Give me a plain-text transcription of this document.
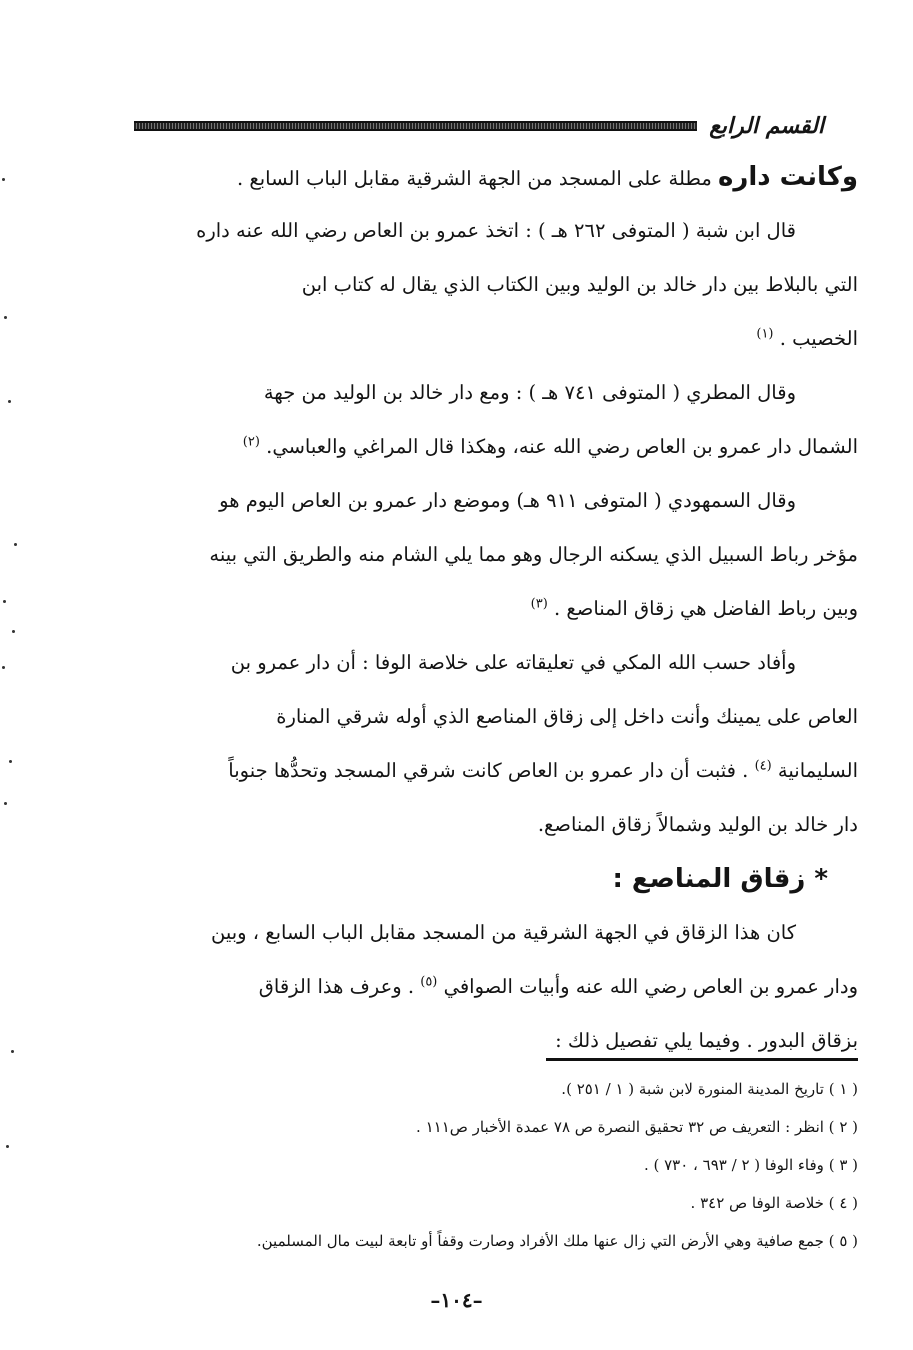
القسم الرابع
وكانت داره مطلة على المسجد من الجهة الشرقية مقابل الباب السابع .
قال ابن شبة ( المتوفى ٢٦٢ هـ ) : اتخذ عمرو بن العاص رضي الله عنه داره
التي بالبلاط بين دار خالد بن الوليد وبين الكتاب الذي يقال له كتاب ابن
الخصيب . $^{(١)}$
وقال المطري ( المتوفى ٧٤١ هـ ) : ومع دار خالد بن الوليد من جهة
الشمال دار عمرو بن العاص رضي الله عنه، وهكذا قال المراغي والعباسي. $^{(٢)}$
وقال السمهودي ( المتوفى ٩١١ هـ) وموضع دار عمرو بن العاص اليوم هو
مؤخر رباط السبيل الذي يسكنه الرجال وهو مما يلي الشام منه والطريق التي بينه
وبين رباط الفاضل هي زقاق المناصع . $^{(٣)}$
وأفاد حسب الله المكي في تعليقاته على خلاصة الوفا : أن دار عمرو بن
العاص على يمينك وأنت داخل إلى زقاق المناصع الذي أوله شرقي المنارة
السليمانية $^{(٤)}$ . فثبت أن دار عمرو بن العاص كانت شرقي المسجد وتحدُّها جنوباً
دار خالد بن الوليد وشمالاً زقاق المناصع.
* زقاق المناصع :
كان هذا الزقاق في الجهة الشرقية من المسجد مقابل الباب السابع ، وبين
ودار عمرو بن العاص رضي الله عنه وأبيات الصوافي $^{(٥)}$ . وعرف هذا الزقاق
بزقاق البدور . وفيما يلي تفصيل ذلك :
( ١ ) تاريخ المدينة المنورة لابن شبة ( ١ / ٢٥١ ).
( ٢ ) انظر : التعريف ص ٣٢ تحقيق النصرة ص ٧٨ عمدة الأخبار ص١١١ .
( ٣ ) وفاء الوفا ( ٢ / ٦٩٣ ، ٧٣٠ ) .
( ٤ ) خلاصة الوفا ص ٣٤٢ .
( ٥ ) جمع صافية وهي الأرض التي زال عنها ملك الأفراد وصارت وقفاً أو تابعة لبيت مال المسلمين.
–١٠٤–
